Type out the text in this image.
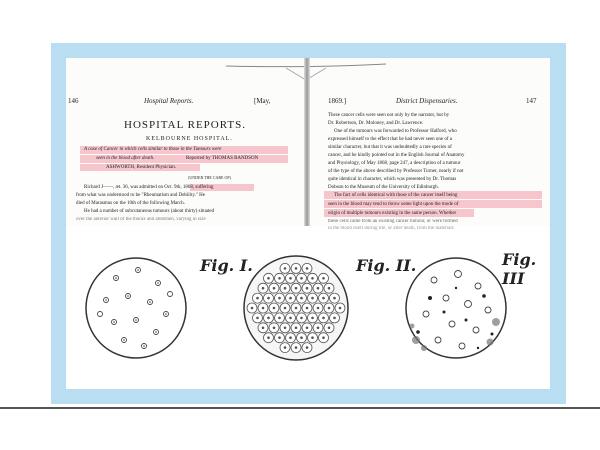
146	Hospital Reports.	[May,
HOSPITAL REPORTS.
KELBOURNE HOSPITAL.
A case of Cancer in which cells similar to those in the Tumours were
seen in the blood after death.	Reported by THOMAS RANDSON
ASHWORTH, Resident Physician.
(UNDER THE CARE OF)
Richard J——, æt. 36, was admitted on Oct. 9th, 1868, suffering
from what was understood to be "Rheumatism and Debility." He
died of Marasmus on the 10th of the following March.
He had a number of subcutaneous tumours (about thirty) situated
over the anterior wall of the thorax and abdomen, varying in size
1869.]	District Dispensaries.	147
These cancer cells were seen not only by the narrator, but by
Dr. Robertson, Dr. Moloney, and Dr. Lawrence.
One of the tumours was forwarded to Professor Halford, who
expressed himself to the effect that he had never seen one of a
similar character, but that it was undoubtedly a rare species of
cancer, and he kindly pointed out in the English Journal of Anatomy
and Physiology, of May 1868, page 247, a description of a tumour
of the type of the above described by Professor Turner, nearly if not
quite identical in character, which was presented by Dr. Thomas
Dobson to the Museum of the University of Edinburgh.
The fact of cells identical with those of the cancer itself being
seen in the blood may tend to throw some light upon the mode of
origin of multiple tumours existing in the same person. Whether
these cells came from an existing cancer tumour, or were formed
in the blood itself during life, or after death, from the materials
Fig. I.	Fig. II.	Fig. III
